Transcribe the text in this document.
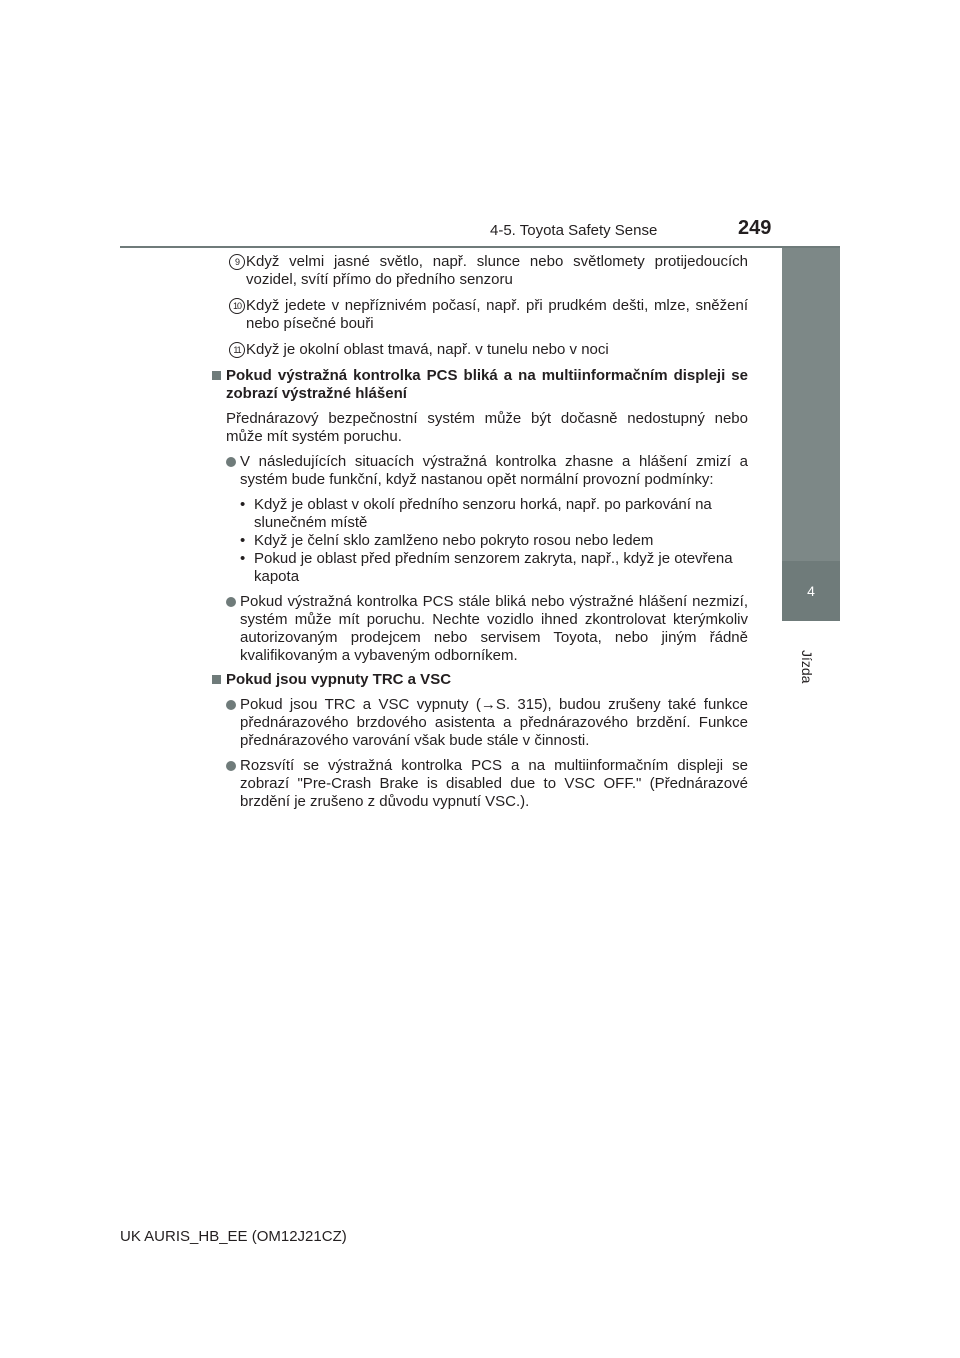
4-5. Toyota Safety Sense	249
4
Jízda
9 Když velmi jasné světlo, např. slunce nebo světlomety protijedoucích vozidel, svítí přímo do předního senzoru
10 Když jedete v nepříznivém počasí, např. při prudkém dešti, mlze, sněžení nebo písečné bouři
11 Když je okolní oblast tmavá, např. v tunelu nebo v noci
Pokud výstražná kontrolka PCS bliká a na multiinformačním displeji se zobrazí výstražné hlášení
Přednárazový bezpečnostní systém může být dočasně nedostupný nebo může mít systém poruchu.
V následujících situacích výstražná kontrolka zhasne a hlášení zmizí a systém bude funkční, když nastanou opět normální provozní podmínky:
• Když je oblast v okolí předního senzoru horká, např. po parkování na slunečném místě
• Když je čelní sklo zamlženo nebo pokryto rosou nebo ledem
• Pokud je oblast před předním senzorem zakryta, např., když je otevřena kapota
Pokud výstražná kontrolka PCS stále bliká nebo výstražné hlášení nezmizí, systém může mít poruchu. Nechte vozidlo ihned zkontrolovat kterýmkoliv autorizovaným prodejcem nebo servisem Toyota, nebo jiným řádně kvalifikovaným a vybaveným odborníkem.
Pokud jsou vypnuty TRC a VSC
Pokud jsou TRC a VSC vypnuty (→S. 315), budou zrušeny také funkce přednárazového brzdového asistenta a přednárazového brzdění. Funkce přednárazového varování však bude stále v činnosti.
Rozsvítí se výstražná kontrolka PCS a na multiinformačním displeji se zobrazí "Pre-Crash Brake is disabled due to VSC OFF." (Přednárazové brzdění je zrušeno z důvodu vypnutí VSC.).
UK AURIS_HB_EE (OM12J21CZ)
